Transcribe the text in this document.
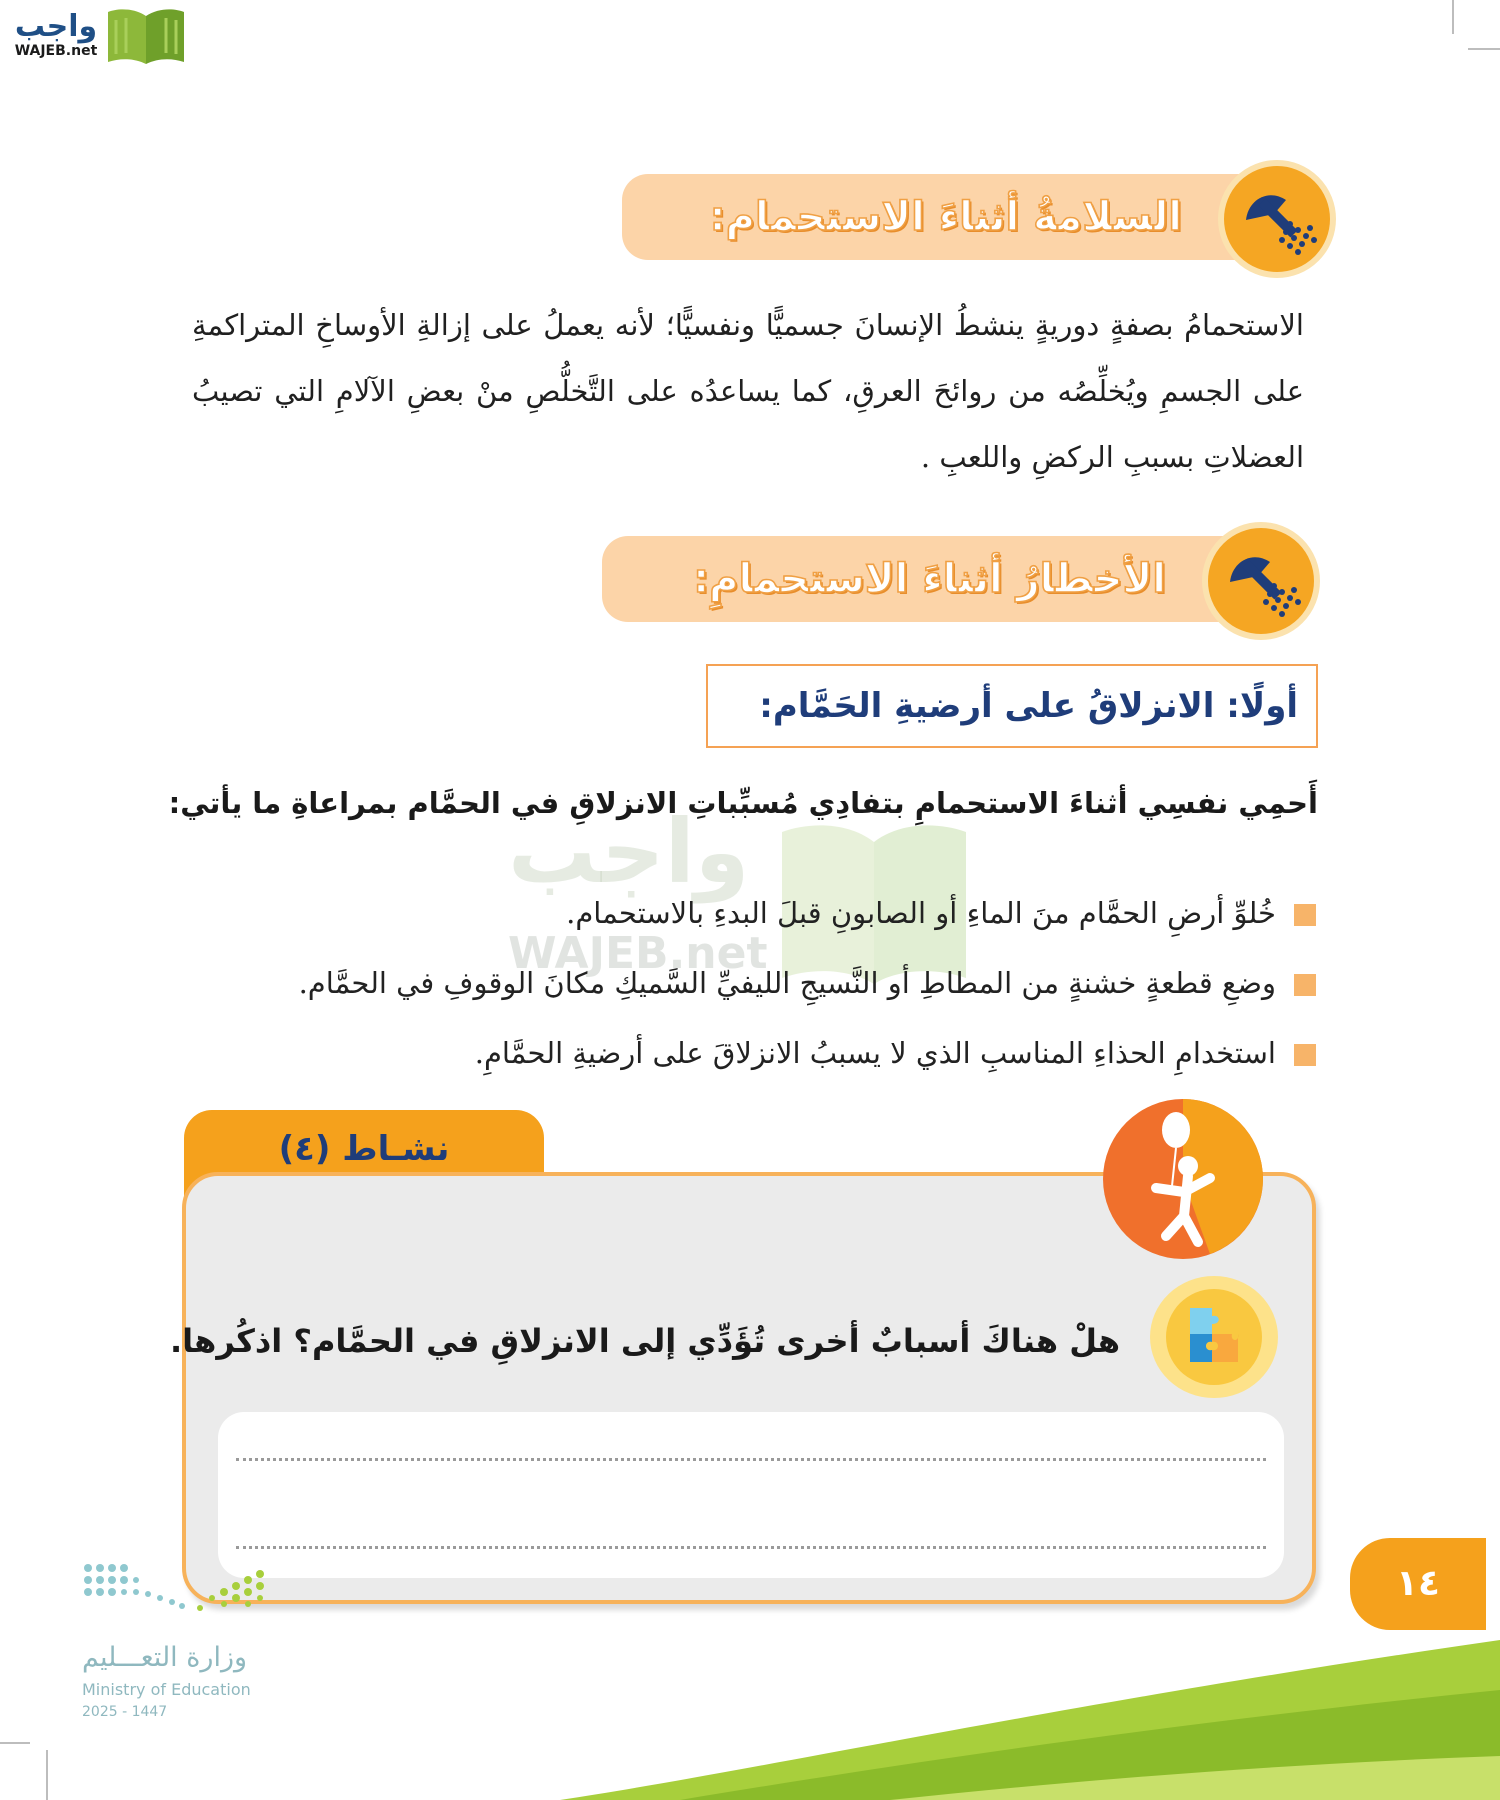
واجب
WAJEB.net
السلامةُ أثناءَ الاستحمام:
الاستحمامُ بصفةٍ دوريةٍ ينشطُ الإنسانَ جسميًّا ونفسيًّا؛ لأنه يعملُ على إزالةِ الأوساخِ المتراكمةِ على الجسمِ ويُخلِّصُه من روائحَ العرقِ، كما يساعدُه على التَّخلُّصِ منْ بعضِ الآلامِ التي تصيبُ العضلاتِ بسببِ الركضِ واللعبِ .
الأخطارُ أثناءَ الاستحمامِ:
أولًا: الانزلاقُ على أرضيةِ الحَمَّام:
أَحمِي نفسِي أثناءَ الاستحمامِ بتفادِي مُسبِّباتِ الانزلاقِ في الحمَّام بمراعاةِ ما يأتي:
واجب
WAJEB.net
خُلوِّ أرضِ الحمَّام منَ الماءِ أو الصابونِ قبلَ البدءِ بالاستحمام.
وضعِ قطعةٍ خشنةٍ من المطاطِ أو النَّسيجِ الليفيِّ السَّميكِ مكانَ الوقوفِ في الحمَّام.
استخدامِ الحذاءِ المناسبِ الذي لا يسببُ الانزلاقَ على أرضيةِ الحمَّامِ.
نشـاط (٤)
هلْ هناكَ أسبابٌ أخرى تُؤَدِّي إلى الانزلاقِ في الحمَّام؟ اذكُرها.
١٤
وزارة التعـــليم
Ministry of Education
2025 - 1447
